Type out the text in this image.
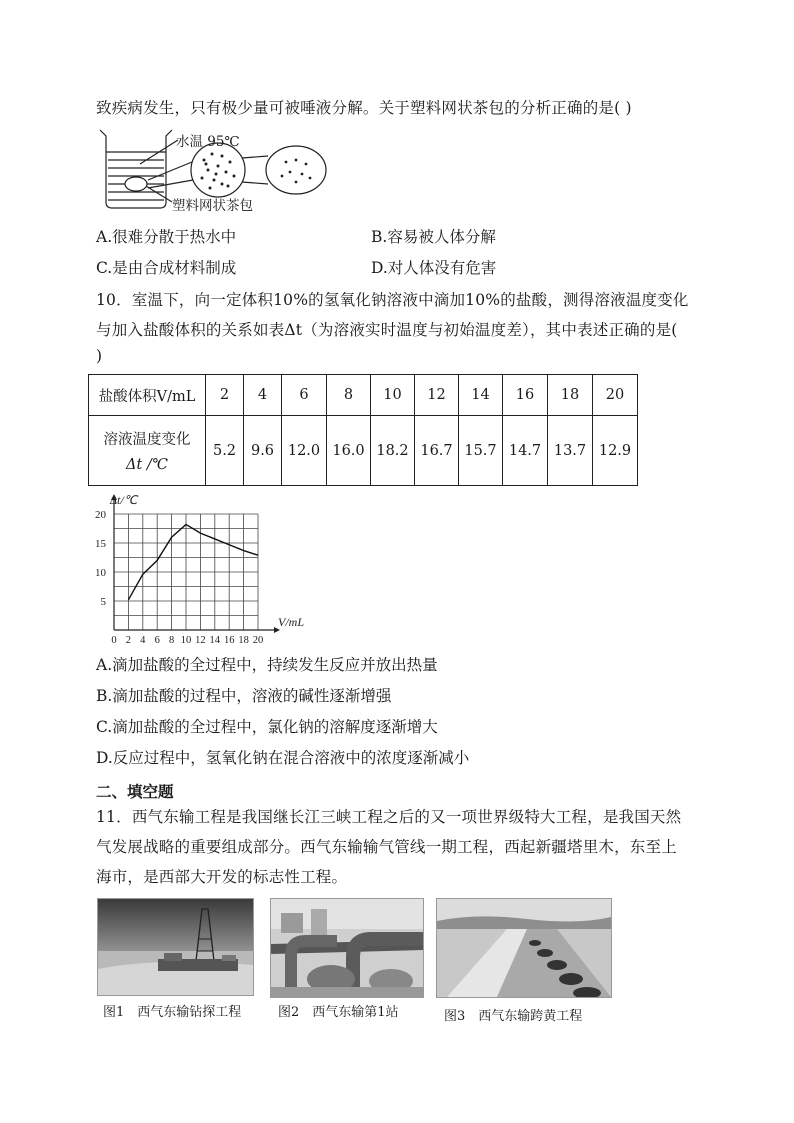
致疾病发生，只有极少量可被唾液分解。关于塑料网状茶包的分析正确的是( )
水温 95℃
塑料网状茶包
A.很难分散于热水中	B.容易被人体分解
C.是由合成材料制成	D.对人体没有危害
10．室温下，向一定体积10%的氢氧化钠溶液中滴加10%的盐酸，测得溶液温度变化
与加入盐酸体积的关系如表Δt（为溶液实时温度与初始温度差），其中表述正确的是(
)
盐酸体积V/mL	2	4	6	8	10	12	14	16	18	20

溶液温度变化
Δt /℃	5.2	9.6	12.0	16.0	18.2	16.7	15.7	14.7	13.7	12.9
0 2 4 6 8 10 12 14 16 18 20
5
10
15
20
V/mL
Δt/℃
A.滴加盐酸的全过程中，持续发生反应并放出热量
B.滴加盐酸的过程中，溶液的碱性逐渐增强
C.滴加盐酸的全过程中，氯化钠的溶解度逐渐增大
D.反应过程中，氢氧化钠在混合溶液中的浓度逐渐减小
二、填空题
11．西气东输工程是我国继长江三峡工程之后的又一项世界级特大工程，是我国天然
气发展战略的重要组成部分。西气东输输气管线一期工程，西起新疆塔里木，东至上
海市，是西部大开发的标志性工程。
图1　西气东输钻探工程	图2　西气东输第1站	图3　西气东输跨黄工程
